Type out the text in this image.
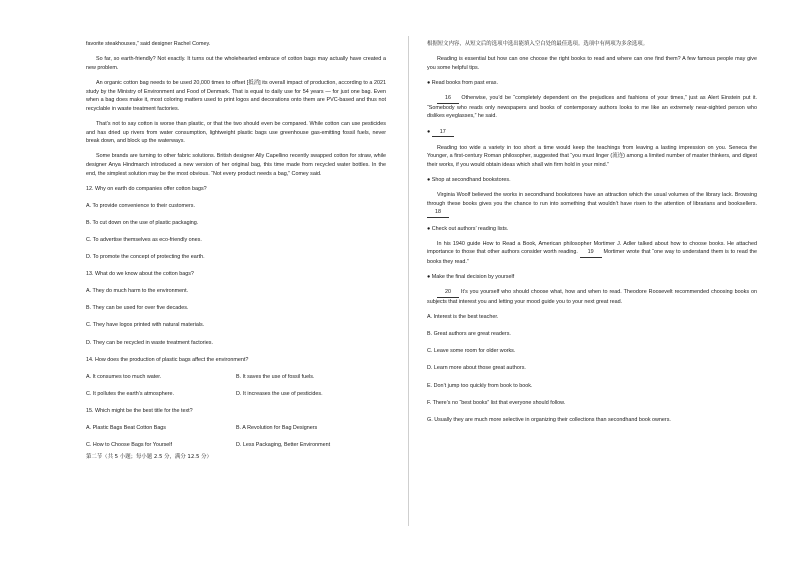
favorite steakhouses,” said designer Rachel Comey.

So far, so earth-friendly? Not exactly. It turns out the wholehearted embrace of cotton bags may actually have created a new problem.

An organic cotton bag needs to be used 20,000 times to offset [抵消] its overall impact of production, according to a 2021 study by the Ministry of Environment and Food of Denmark. That is equal to daily use for 54 years — for just one bag. Even when a bag does make it, most coloring matters used to print logos and decorations onto them are PVC-based and thus not recyclable in waste treatment factories.

That’s not to say cotton is worse than plastic, or that the two should even be compared. While cotton can use pesticides and has dried up rivers from water consumption, lightweight plastic bags use greenhouse gas-emitting fossil fuels, never break down, and block up the waterways.

Some brands are turning to other fabric solutions. British designer Ally Capellino recently swapped cotton for straw, while designer Anya Hindmarch introduced a new version of her original bag, this time made from recycled water bottles. In the end, the simplest solution may be the most obvious. “Not every product needs a bag,” Comey said.

12. Why on earth do companies offer cotton bags?

A. To provide convenience to their customers.

B. To cut down on the use of plastic packaging.

C. To advertise themselves as eco-friendly ones.

D. To promote the concept of protecting the earth.

13. What do we know about the cotton bags?

A. They do much harm to the environment.

B. They can be used for over five decades.

C. They have logos printed with natural materials.

D. They can be recycled in waste treatment factories.

14. How does the production of plastic bags affect the environment?

A. It consumes too much water.	B. It saves the use of fossil fuels.
C. It pollutes the earth’s atmosphere.	D. It increases the use of pesticides.

15. Which might be the best title for the text?

A. Plastic Bags Beat Cotton Bags	B. A Revolution for Bag Designers
C. How to Choose Bags for Yourself	D. Less Packaging, Better Environment

第二节（共 5 小题；每小题 2.5 分，满分 12.5 分）

根据短文内容，从短文后的选项中选出能填入空白处的最佳选项。选项中有两项为多余选项。

Reading is essential but how can one choose the right books to read and where can one find them? A few famous people may give you some helpful tips.

● Read books from past eras.

16 Otherwise, you’d be “completely dependent on the prejudices and fashions of your times,” just as Alert Einstein put it. “Somebody who reads only newspapers and books of contemporary authors looks to me like an extremely near-sighted person who dislikes eyeglasses,” he said.

● 17

Reading too wide a variety in too short a time would keep the teachings from leaving a lasting impression on you. Seneca the Younger, a first-century Roman philosopher, suggested that “you must linger (流连) among a limited number of master thinkers, and digest their works, if you would obtain ideas which shall win firm hold in your mind.”

● Shop at secondhand bookstores.

Virginia Woolf believed the works in secondhand bookstores have an attraction which the usual volumes of the library lack. Browsing through these books gives you the chance to run into something that wouldn’t have risen to the attention of librarians and booksellers. 18

● Check out authors’ reading lists.

In his 1940 guide How to Read a Book, American philosopher Mortimer J. Adler talked about how to choose books. He attached importance to those that other authors consider worth reading. 19 Mortimer wrote that “one way to understand them is to read the books they read.”

● Make the final decision by yourself

20 It’s you yourself who should choose what, how and when to read. Theodore Roosevelt recommended choosing books on subjects that interest you and letting your mood guide you to your next great read.

A. Interest is the best teacher.

B. Great authors are great readers.

C. Leave some room for older works.

D. Learn more about those great authors.

E. Don’t jump too quickly from book to book.

F. There’s no “best books” list that everyone should follow.

G. Usually they are much more selective in organizing their collections than secondhand book owners.
